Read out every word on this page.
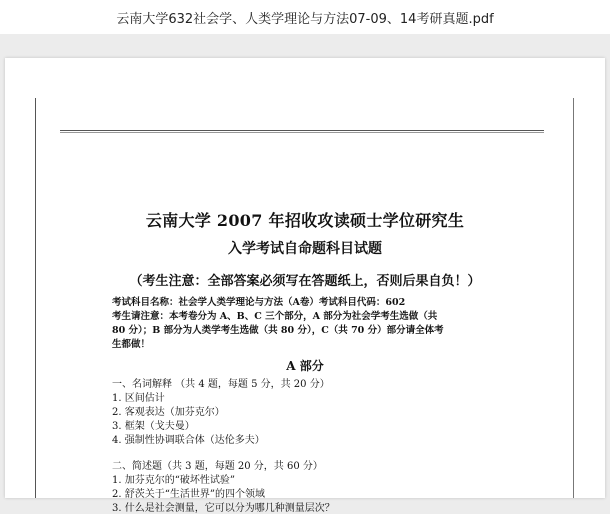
云南大学632社会学、人类学理论与方法07-09、14考研真题.pdf
云南大学 2007 年招收攻读硕士学位研究生
入学考试自命题科目试题
（考生注意：全部答案必须写在答题纸上，否则后果自负！）
考试科目名称：社会学人类学理论与方法（A卷）考试科目代码：602
考生请注意：本考卷分为 A、B、C 三个部分，A 部分为社会学考生选做（共
80 分）；B 部分为人类学考生选做（共 80 分），C（共 70 分）部分请全体考
生都做！
A 部分
一、名词解释 （共 4 题，每题 5 分，共 20 分）
1. 区间估计
2. 客观表达（加芬克尔）
3. 框架（戈夫曼）
4. 强制性协调联合体（达伦多夫）
二、简述题（共 3 题，每题 20 分，共 60 分）
1. 加芬克尔的“破坏性试验”
2. 舒茨关于“生活世界”的四个领域
3. 什么是社会测量，它可以分为哪几种测量层次？
